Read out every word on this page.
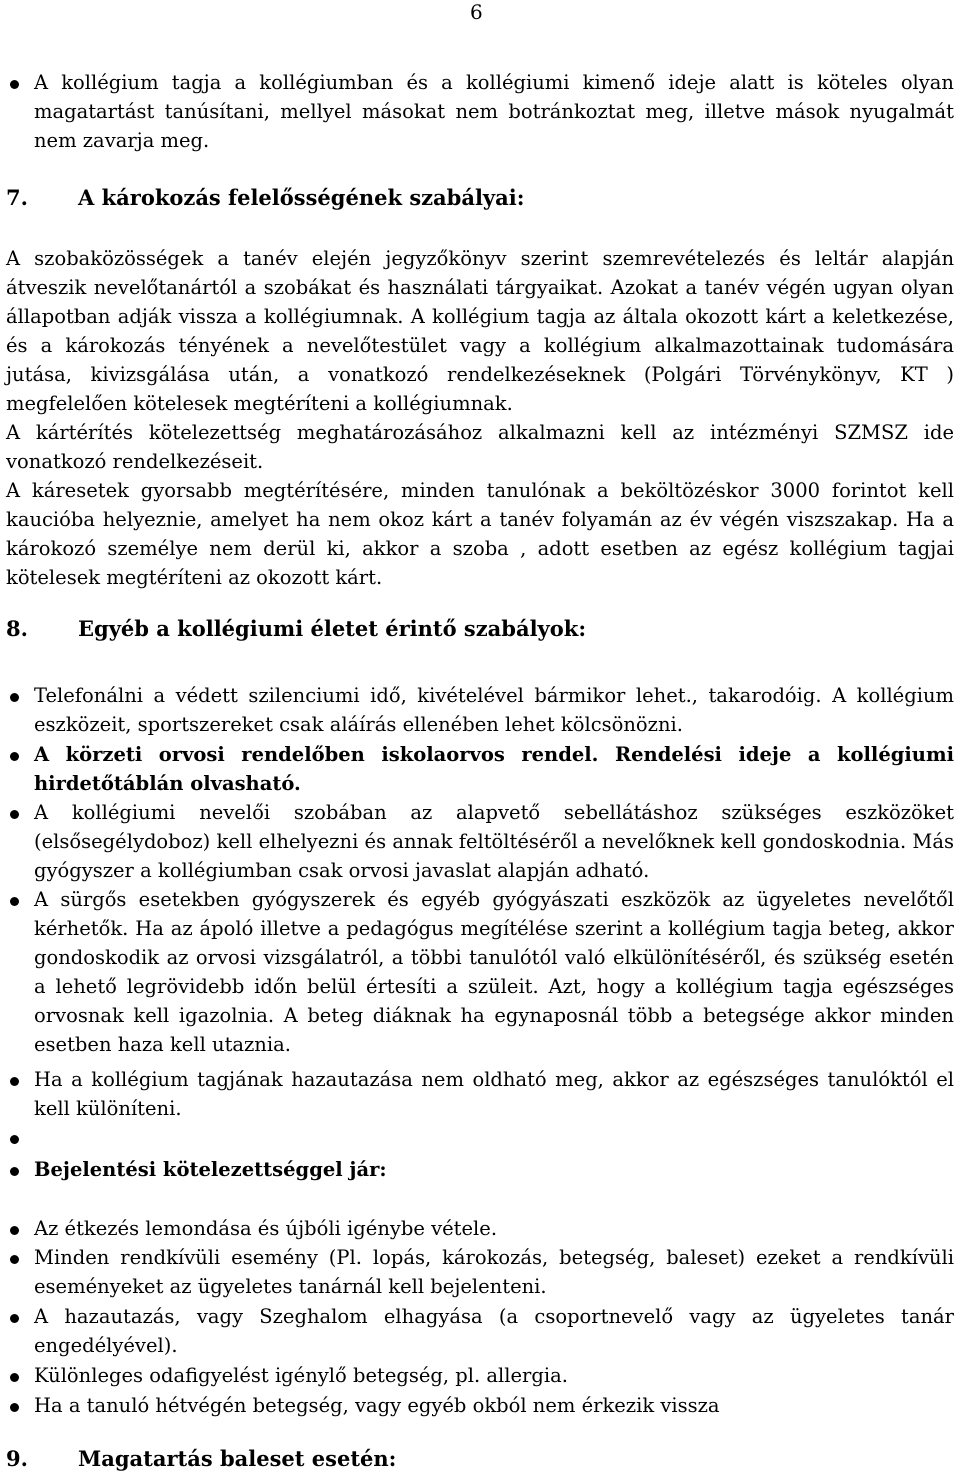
6
A kollégium tagja a kollégiumban és a kollégiumi kimenő ideje alatt is köteles olyan magatartást tanúsítani, mellyel másokat nem botránkoztat meg, illetve mások nyugalmát nem zavarja meg.
7. A károkozás felelősségének szabályai:
A szobaközösségek a tanév elején jegyzőkönyv szerint szemrevételezés és leltár alapján átveszik nevelőtanártól a szobákat és használati tárgyaikat. Azokat a tanév végén ugyan olyan állapotban adják vissza a kollégiumnak. A kollégium tagja az általa okozott kárt a keletkezése, és a károkozás tényének a nevelőtestület vagy a kollégium alkalmazottainak tudomására jutása, kivizsgálása után, a vonatkozó rendelkezéseknek (Polgári Törvénykönyv, KT ) megfelelően kötelesek megtéríteni a kollégiumnak.
A kártérítés kötelezettség meghatározásához alkalmazni kell az intézményi SZMSZ ide vonatkozó rendelkezéseit.
A káresetek gyorsabb megtérítésére, minden tanulónak a beköltözéskor 3000 forintot kell kaucióba helyeznie, amelyet ha nem okoz kárt a tanév folyamán az év végén viszszakap. Ha a károkozó személye nem derül ki, akkor a szoba , adott esetben az egész kollégium tagjai kötelesek megtéríteni az okozott kárt.
8. Egyéb a kollégiumi életet érintő szabályok:
Telefonálni a védett szilenciumi idő, kivételével bármikor lehet., takarodóig. A kollégium eszközeit, sportszereket csak aláírás ellenében lehet kölcsönözni.
A körzeti orvosi rendelőben iskolaorvos rendel. Rendelési ideje a kollégiumi hirdetőtáblán olvasható.
A kollégiumi nevelői szobában az alapvető sebellátáshoz szükséges eszközöket (elsősegélydoboz) kell elhelyezni és annak feltöltéséről a nevelőknek kell gondoskodnia. Más gyógyszer a kollégiumban csak orvosi javaslat alapján adható.
A sürgős esetekben gyógyszerek és egyéb gyógyászati eszközök az ügyeletes nevelőtől kérhetők. Ha az ápoló illetve a pedagógus megítélése szerint a kollégium tagja beteg, akkor gondoskodik az orvosi vizsgálatról, a többi tanulótól való elkülönítéséről, és szükség esetén a lehető legrövidebb időn belül értesíti a szüleit. Azt, hogy a kollégium tagja egészséges orvosnak kell igazolnia. A beteg diáknak ha egynaposnál több a betegsége akkor minden esetben haza kell utaznia.
Ha a kollégium tagjának hazautazása nem oldható meg, akkor az egészséges tanulóktól el kell különíteni.
Bejelentési kötelezettséggel jár:
Az étkezés lemondása és újbóli igénybe vétele.
Minden rendkívüli esemény (Pl. lopás, károkozás, betegség, baleset) ezeket a rendkívüli eseményeket az ügyeletes tanárnál kell bejelenteni.
A hazautazás, vagy Szeghalom elhagyása (a csoportnevelő vagy az ügyeletes tanár engedélyével).
Különleges odafigyelést igénylő betegség, pl. allergia.
Ha a tanuló hétvégén betegség, vagy egyéb okból nem érkezik vissza
9. Magatartás baleset esetén:
